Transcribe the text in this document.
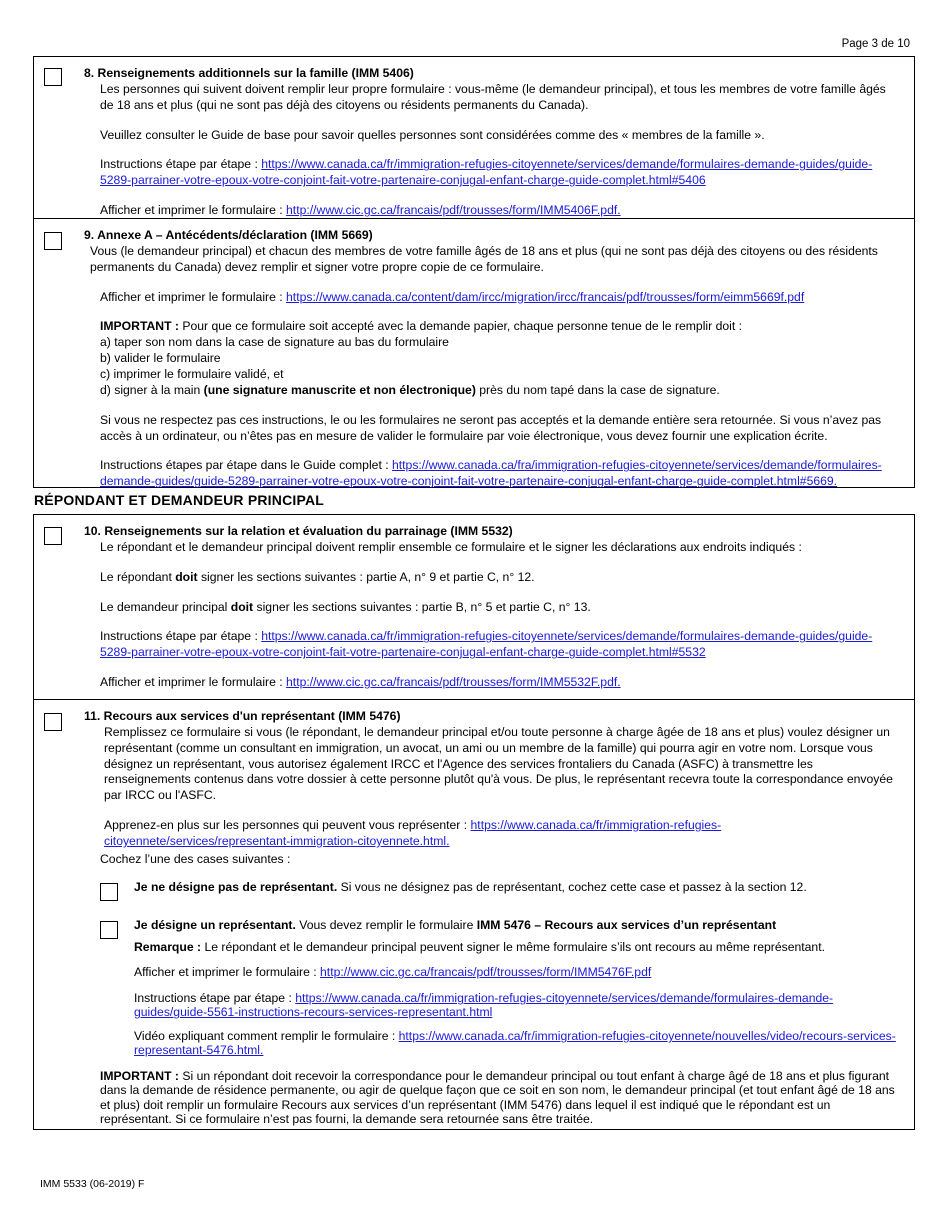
Page 3 de 10

8. Renseignements additionnels sur la famille (IMM 5406)

Les personnes qui suivent doivent remplir leur propre formulaire : vous-même (le demandeur principal), et tous les membres de votre famille âgés de 18 ans et plus (qui ne sont pas déjà des citoyens ou résidents permanents du Canada).

Veuillez consulter le Guide de base pour savoir quelles personnes sont considérées comme des « membres de la famille ».

Instructions étape par étape : https://www.canada.ca/fr/immigration-refugies-citoyennete/services/demande/formulaires-demande-guides/guide-5289-parrainer-votre-epoux-votre-conjoint-fait-votre-partenaire-conjugal-enfant-charge-guide-complet.html#5406

Afficher et imprimer le formulaire : http://www.cic.gc.ca/francais/pdf/trousses/form/IMM5406F.pdf.

9. Annexe A – Antécédents/déclaration (IMM 5669)

Vous (le demandeur principal) et chacun des membres de votre famille âgés de 18 ans et plus (qui ne sont pas déjà des citoyens ou des résidents permanents du Canada) devez remplir et signer votre propre copie de ce formulaire.

Afficher et imprimer le formulaire : https://www.canada.ca/content/dam/ircc/migration/ircc/francais/pdf/trousses/form/eimm5669f.pdf

IMPORTANT : Pour que ce formulaire soit accepté avec la demande papier, chaque personne tenue de le remplir doit :

a) taper son nom dans la case de signature au bas du formulaire

b) valider le formulaire

c) imprimer le formulaire validé, et

d) signer à la main (une signature manuscrite et non électronique) près du nom tapé dans la case de signature.

Si vous ne respectez pas ces instructions, le ou les formulaires ne seront pas acceptés et la demande entière sera retournée. Si vous n’avez pas accès à un ordinateur, ou n’êtes pas en mesure de valider le formulaire par voie électronique, vous devez fournir une explication écrite.

Instructions étapes par étape dans le Guide complet : https://www.canada.ca/fra/immigration-refugies-citoyennete/services/demande/formulaires-demande-guides/guide-5289-parrainer-votre-epoux-votre-conjoint-fait-votre-partenaire-conjugal-enfant-charge-guide-complet.html#5669.

RÉPONDANT ET DEMANDEUR PRINCIPAL

10. Renseignements sur la relation et évaluation du parrainage (IMM 5532)

Le répondant et le demandeur principal doivent remplir ensemble ce formulaire et le signer les déclarations aux endroits indiqués :

Le répondant doit signer les sections suivantes : partie A, n° 9 et partie C, n° 12.

Le demandeur principal doit signer les sections suivantes : partie B, n° 5 et partie C, n° 13.

Instructions étape par étape : https://www.canada.ca/fr/immigration-refugies-citoyennete/services/demande/formulaires-demande-guides/guide-5289-parrainer-votre-epoux-votre-conjoint-fait-votre-partenaire-conjugal-enfant-charge-guide-complet.html#5532

Afficher et imprimer le formulaire : http://www.cic.gc.ca/francais/pdf/trousses/form/IMM5532F.pdf.

11. Recours aux services d'un représentant (IMM 5476)

Remplissez ce formulaire si vous (le répondant, le demandeur principal et/ou toute personne à charge âgée de 18 ans et plus) voulez désigner un représentant (comme un consultant en immigration, un avocat, un ami ou un membre de la famille) qui pourra agir en votre nom. Lorsque vous désignez un représentant, vous autorisez également IRCC et l'Agence des services frontaliers du Canada (ASFC) à transmettre les renseignements contenus dans votre dossier à cette personne plutôt qu'à vous. De plus, le représentant recevra toute la correspondance envoyée par IRCC ou l'ASFC.

Apprenez-en plus sur les personnes qui peuvent vous représenter : https://www.canada.ca/fr/immigration-refugies-citoyennete/services/representant-immigration-citoyennete.html.

Cochez l’une des cases suivantes :

Je ne désigne pas de représentant. Si vous ne désignez pas de représentant, cochez cette case et passez à la section 12.

Je désigne un représentant. Vous devez remplir le formulaire IMM 5476 – Recours aux services d’un représentant

Remarque : Le répondant et le demandeur principal peuvent signer le même formulaire s’ils ont recours au même représentant.

Afficher et imprimer le formulaire : http://www.cic.gc.ca/francais/pdf/trousses/form/IMM5476F.pdf

Instructions étape par étape : https://www.canada.ca/fr/immigration-refugies-citoyennete/services/demande/formulaires-demande-guides/guide-5561-instructions-recours-services-representant.html

Vidéo expliquant comment remplir le formulaire : https://www.canada.ca/fr/immigration-refugies-citoyennete/nouvelles/video/recours-services-representant-5476.html.

IMPORTANT : Si un répondant doit recevoir la correspondance pour le demandeur principal ou tout enfant à charge âgé de 18 ans et plus figurant dans la demande de résidence permanente, ou agir de quelque façon que ce soit en son nom, le demandeur principal (et tout enfant âgé de 18 ans et plus) doit remplir un formulaire Recours aux services d’un représentant (IMM 5476) dans lequel il est indiqué que le répondant est un représentant. Si ce formulaire n’est pas fourni, la demande sera retournée sans être traitée.

IMM 5533 (06-2019) F
